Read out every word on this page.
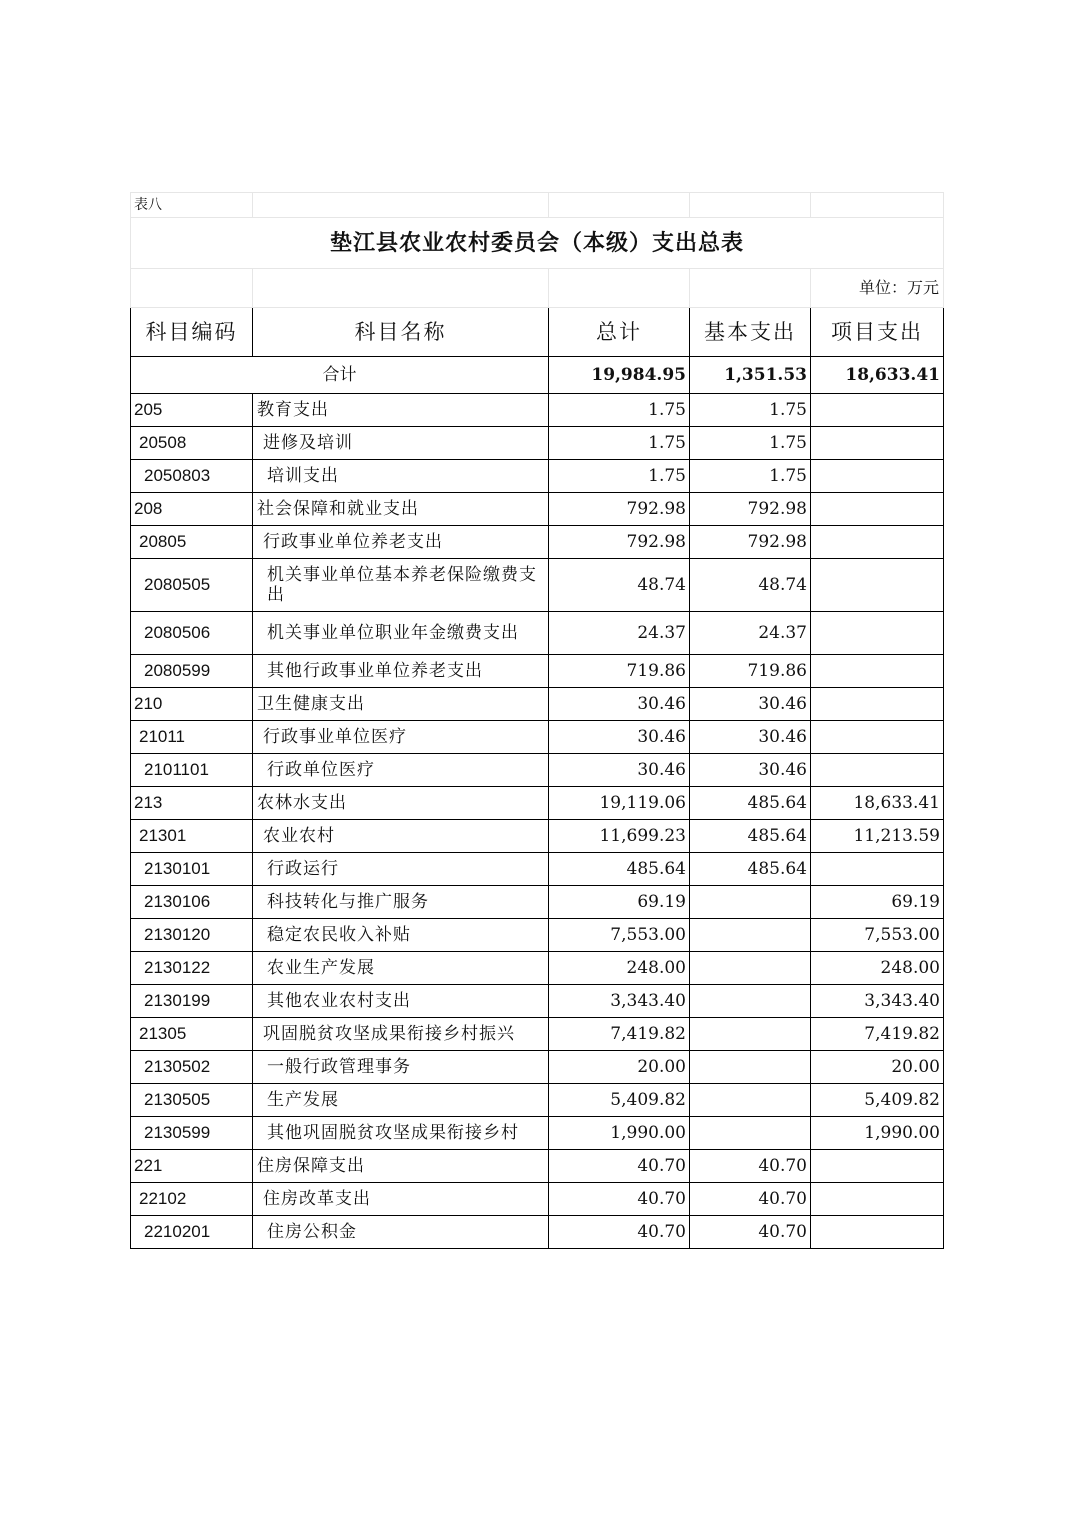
表八				
垫江县农业农村委员会（本级）支出总表				
				单位：万元
科目编码	科目名称	总计	基本支出	项目支出
合计		19,984.95	1,351.53	18,633.41
205	教育支出	1.75	1.75	
20508	进修及培训	1.75	1.75	
2050803	培训支出	1.75	1.75	
208	社会保障和就业支出	792.98	792.98	
20805	行政事业单位养老支出	792.98	792.98	
2080505	机关事业单位基本养老保险缴费支出	48.74	48.74	
2080506	机关事业单位职业年金缴费支出	24.37	24.37	
2080599	其他行政事业单位养老支出	719.86	719.86	
210	卫生健康支出	30.46	30.46	
21011	行政事业单位医疗	30.46	30.46	
2101101	行政单位医疗	30.46	30.46	
213	农林水支出	19,119.06	485.64	18,633.41
21301	农业农村	11,699.23	485.64	11,213.59
2130101	行政运行	485.64	485.64	
2130106	科技转化与推广服务	69.19		69.19
2130120	稳定农民收入补贴	7,553.00		7,553.00
2130122	农业生产发展	248.00		248.00
2130199	其他农业农村支出	3,343.40		3,343.40
21305	巩固脱贫攻坚成果衔接乡村振兴	7,419.82		7,419.82
2130502	一般行政管理事务	20.00		20.00
2130505	生产发展	5,409.82		5,409.82
2130599	其他巩固脱贫攻坚成果衔接乡村	1,990.00		1,990.00
221	住房保障支出	40.70	40.70	
22102	住房改革支出	40.70	40.70	
2210201	住房公积金	40.70	40.70	
